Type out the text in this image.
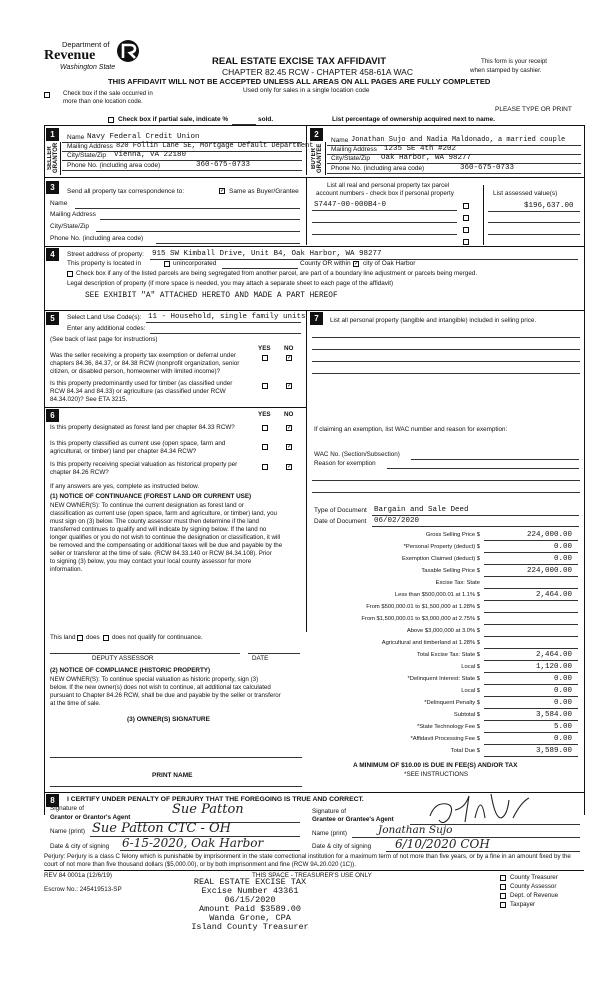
Department of
Revenue
Washington State
REAL ESTATE EXCISE TAX AFFIDAVIT
CHAPTER 82.45 RCW - CHAPTER 458-61A WAC
THIS AFFIDAVIT WILL NOT BE ACCEPTED UNLESS ALL AREAS ON ALL PAGES ARE FULLY COMPLETED
Used only for sales in a single location code
This form is your receipt
when stamped by cashier.
Check box if the sale occurred in
more than one location code.
PLEASE TYPE OR PRINT
Check box if partial sale, indicate %	sold.	List percentage of ownership acquired next to name.
1
SELLER GRANTOR
Name Navy Federal Credit Union
Mailing Address 820 Follin Lane SE, Mortgage Default Department
City/State/Zip Vienna, VA 22180
Phone No. (including area code)	360-675-0733
2
BUYER GRANTEE
Name Jonathan Sujo and Nadia Maldonado, a married couple
Mailing Address 1235 SE 4th #202
City/State/Zip Oak Harbor, WA 98277
Phone No. (including area code)	360-675-0733
3	Send all property tax correspondence to:	✓ Same as Buyer/Grantee
Name
Mailing Address
City/State/Zip
Phone No. (including area code)
List all real and personal property tax parcel
account numbers - check box if personal property	List assessed value(s)
S7447-00-000B4-0	$196,637.00
4	Street address of property: 915 SW Kimball Drive, Unit B4, Oak Harbor, WA 98277
This property is located in	unincorporated	County OR within ✓ city of Oak Harbor
Check box if any of the listed parcels are being segregated from another parcel, are part of a boundary line adjustment or parcels being merged.
Legal description of property (if more space is needed, you may attach a separate sheet to each page of the affidavit)
SEE EXHIBIT "A" ATTACHED HERETO AND MADE A PART HEREOF
5	Select Land Use Code(s): 11 - Household, single family units
Enter any additional codes:
(See back of last page for instructions)
YES NO
Was the seller receiving a property tax exemption or deferral under
chapters 84.36, 84.37, or 84.38 RCW (nonprofit organization, senior
citizen, or disabled person, homeowner with limited income)?
✓
Is this property predominantly used for timber (as classified under
RCW 84.34 and 84.33) or agriculture (as classified under RCW
84.34.020)? See ETA 3215.
✓
7	List all personal property (tangible and intangible) included in selling price.
6	YES NO
Is this property designated as forest land per chapter 84.33 RCW?	✓
Is this property classified as current use (open space, farm and
agricultural, or timber) land per chapter 84.34 RCW?
✓
Is this property receiving special valuation as historical property per
chapter 84.26 RCW?
✓
If any answers are yes, complete as instructed below.
(1) NOTICE OF CONTINUANCE (FOREST LAND OR CURRENT USE)
NEW OWNER(S): To continue the current designation as forest land or
classification as current use (open space, farm and agriculture, or timber) land, you
must sign on (3) below. The county assessor must then determine if the land
transferred continues to qualify and will indicate by signing below. If the land no
longer qualifies or you do not wish to continue the designation or classification, it will
be removed and the compensating or additional taxes will be due and payable by the
seller or transferor at the time of sale. (RCW 84.33.140 or RCW 84.34.108). Prior
to signing (3) below, you may contact your local county assessor for more
information.
This land does does not qualify for continuance.
DEPUTY ASSESSOR	DATE
(2) NOTICE OF COMPLIANCE (HISTORIC PROPERTY)
NEW OWNER(S): To continue special valuation as historic property, sign (3)
below. If the new owner(s) does not wish to continue, all additional tax calculated
pursuant to Chapter 84.26 RCW, shall be due and payable by the seller or transferor
at the time of sale.
(3) OWNER(S) SIGNATURE
PRINT NAME
If claiming an exemption, list WAC number and reason for exemption:
WAC No. (Section/Subsection)
Reason for exemption
Type of Document Bargain and Sale Deed
Date of Document 06/02/2020
Gross Selling Price $	224,000.00
*Personal Property (deduct) $	0.00
Exemption Claimed (deduct) $	0.00
Taxable Selling Price $	224,000.00
Excise Tax: State
Less than $500,000.01 at 1.1% $	2,464.00
From $500,000.01 to $1,500,000 at 1.28% $
From $1,500,000.01 to $3,000,000 at 2.75% $
Above $3,000,000 at 3.0% $
Agricultural and timberland at 1.28% $
Total Excise Tax: State $	2,464.00
Local $	1,120.00
*Delinquent Interest: State $	0.00
Local $	0.00
*Delinquent Penalty $	0.00
Subtotal $	3,584.00
*State Technology Fee $	5.00
*Affidavit Processing Fee $	0.00
Total Due $	3,589.00
A MINIMUM OF $10.00 IS DUE IN FEE(S) AND/OR TAX
*SEE INSTRUCTIONS
8	I CERTIFY UNDER PENALTY OF PERJURY THAT THE FOREGOING IS TRUE AND CORRECT.
Signature of
Grantor or Grantor's Agent
Sue Patton
Name (print) Sue Patton CTC - OH
Date & city of signing 6-15-2020, Oak Harbor
Signature of
Grantee or Grantee's Agent
Name (print)	Jonathan Sujo
Date & city of signing 6/10/2020 COH
Perjury: Perjury is a class C felony which is punishable by imprisonment in the state correctional institution for a maximum term of not more than five years, or by a fine in an amount fixed by the court of not more than five thousand dollars ($5,000.00), or by both imprisonment and fine (RCW 9A.20.020 (1C)).
REV 84 0001a (12/6/19)
Escrow No.: 245419513-SP
THIS SPACE - TREASURER'S USE ONLY
REAL ESTATE EXCISE TAX
Excise Number 43361
06/15/2020
Amount Paid $3589.00
Wanda Grone, CPA
Island County Treasurer
County Treasurer
County Assessor
Dept. of Revenue
Taxpayer
